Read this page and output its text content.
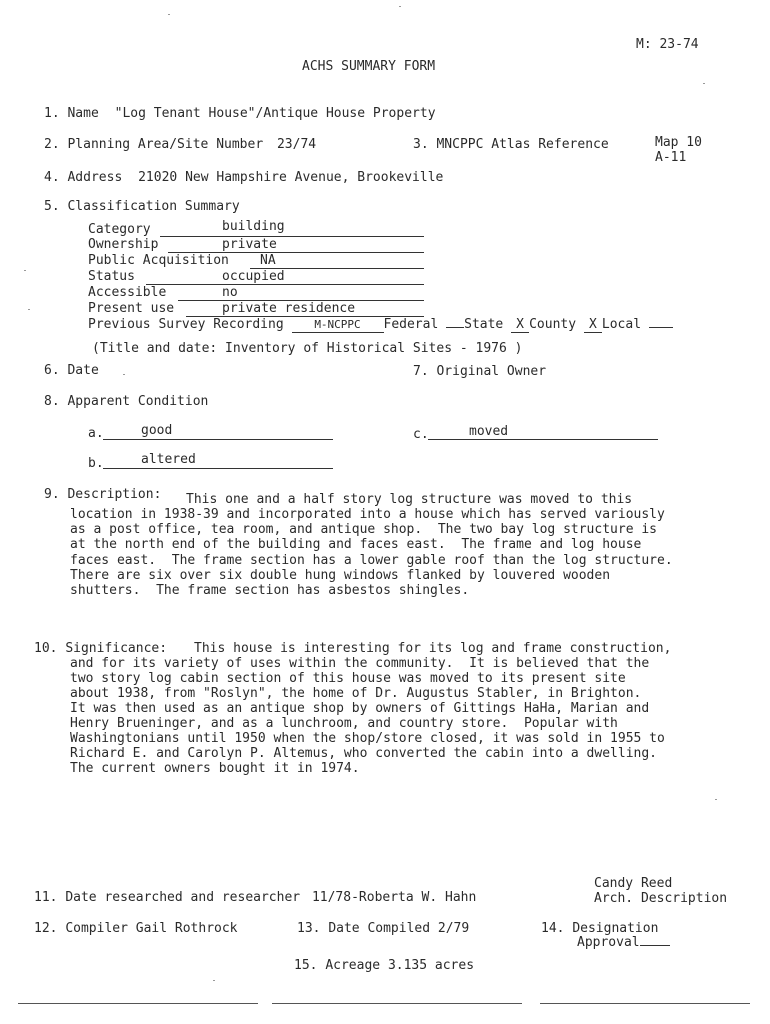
M: 23-74
ACHS SUMMARY FORM
1. Name "Log Tenant House"/Antique House Property
2. Planning Area/Site Number 23/74	3. MNCPPC Atlas Reference	Map 10
A-11
4. Address 21020 New Hampshire Avenue, Brookeville
5. Classification Summary
Category	building
Ownership	private
Public Acquisition NA
Status	occupied
Accessible	no
Present use	private residence
Previous Survey Recording	M-NCPPC Federal State X County X Local
(Title and date: Inventory of Historical Sites - 1976 )
6. Date	7. Original Owner
8. Apparent Condition
a.	good	c.	moved
b.	altered
9. Description: This one and a half story log structure was moved to this
location in 1938-39 and incorporated into a house which has served variously
as a post office, tea room, and antique shop.  The two bay log structure is
at the north end of the building and faces east.  The frame and log house
faces east.  The frame section has a lower gable roof than the log structure.
There are six over six double hung windows flanked by louvered wooden
shutters.  The frame section has asbestos shingles.
10. Significance: This house is interesting for its log and frame construction,
and for its variety of uses within the community.  It is believed that the
two story log cabin section of this house was moved to its present site
about 1938, from "Roslyn", the home of Dr. Augustus Stabler, in Brighton.
It was then used as an antique shop by owners of Gittings HaHa, Marian and
Henry Brueninger, and as a lunchroom, and country store.  Popular with
Washingtonians until 1950 when the shop/store closed, it was sold in 1955 to
Richard E. and Carolyn P. Altemus, who converted the cabin into a dwelling.
The current owners bought it in 1974.
11. Date researched and researcher 11/78-Roberta W. Hahn
Candy Reed
Arch. Description
12. Compiler Gail Rothrock	13. Date Compiled 2/79	14. Designation
Approval
15. Acreage 3.135 acres
